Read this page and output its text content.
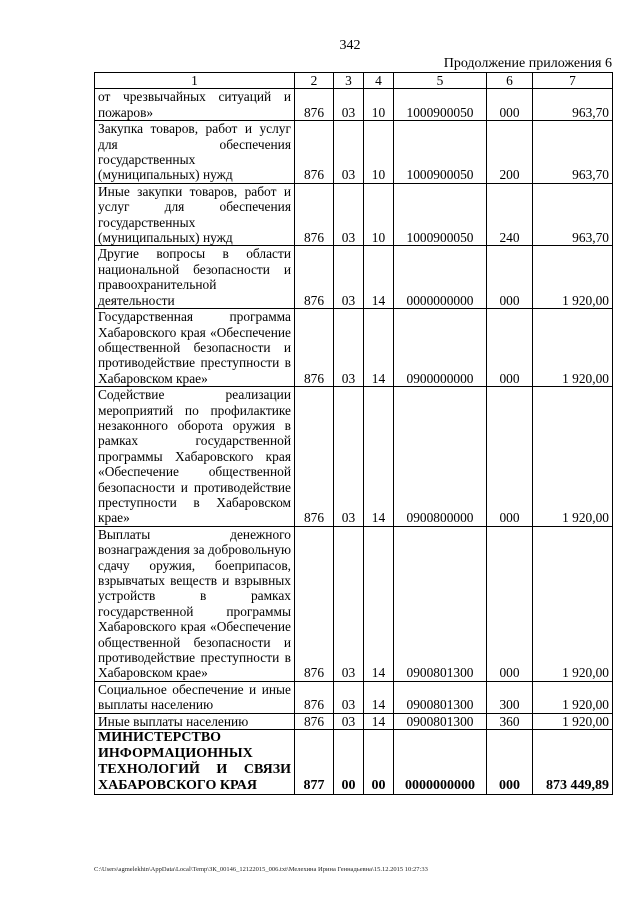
342
Продолжение приложения 6
1	2	3	4	5	6	7
от чрезвычайных ситуаций и пожаров»	876	03	10	1000900050	000	963,70
Закупка товаров, работ и услуг для обеспечения государственных (муниципальных) нужд	876	03	10	1000900050	200	963,70
Иные закупки товаров, работ и услуг для обеспечения государственных (муниципальных) нужд	876	03	10	1000900050	240	963,70
Другие вопросы в области национальной безопасности и правоохранительной деятельности	876	03	14	0000000000	000	1 920,00
Государственная программа Хабаровского края «Обеспечение общественной безопасности и противодействие преступности в Хабаровском крае»	876	03	14	0900000000	000	1 920,00
Содействие реализации мероприятий по профилактике незаконного оборота оружия в рамках государственной программы Хабаровского края «Обеспечение общественной безопасности и противодействие преступности в Хабаровском крае»	876	03	14	0900800000	000	1 920,00
Выплаты денежного вознаграждения за добровольную сдачу оружия, боеприпасов, взрывчатых веществ и взрывных устройств в рамках государственной программы Хабаровского края «Обеспечение общественной безопасности и противодействие преступности в Хабаровском крае»	876	03	14	0900801300	000	1 920,00
Социальное обеспечение и иные выплаты населению	876	03	14	0900801300	300	1 920,00
Иные выплаты населению	876	03	14	0900801300	360	1 920,00
МИНИСТЕРСТВО ИНФОРМАЦИОННЫХ ТЕХНОЛОГИЙ И СВЯЗИ ХАБАРОВСКОГО КРАЯ	877	00	00	0000000000	000	873 449,89
C:\Users\agmelekhin\AppData\Local\Temp\ЗК_00146_12122015_006.txt\Мелехина Ирина Геннадьевна\15.12.2015 10:27:33
